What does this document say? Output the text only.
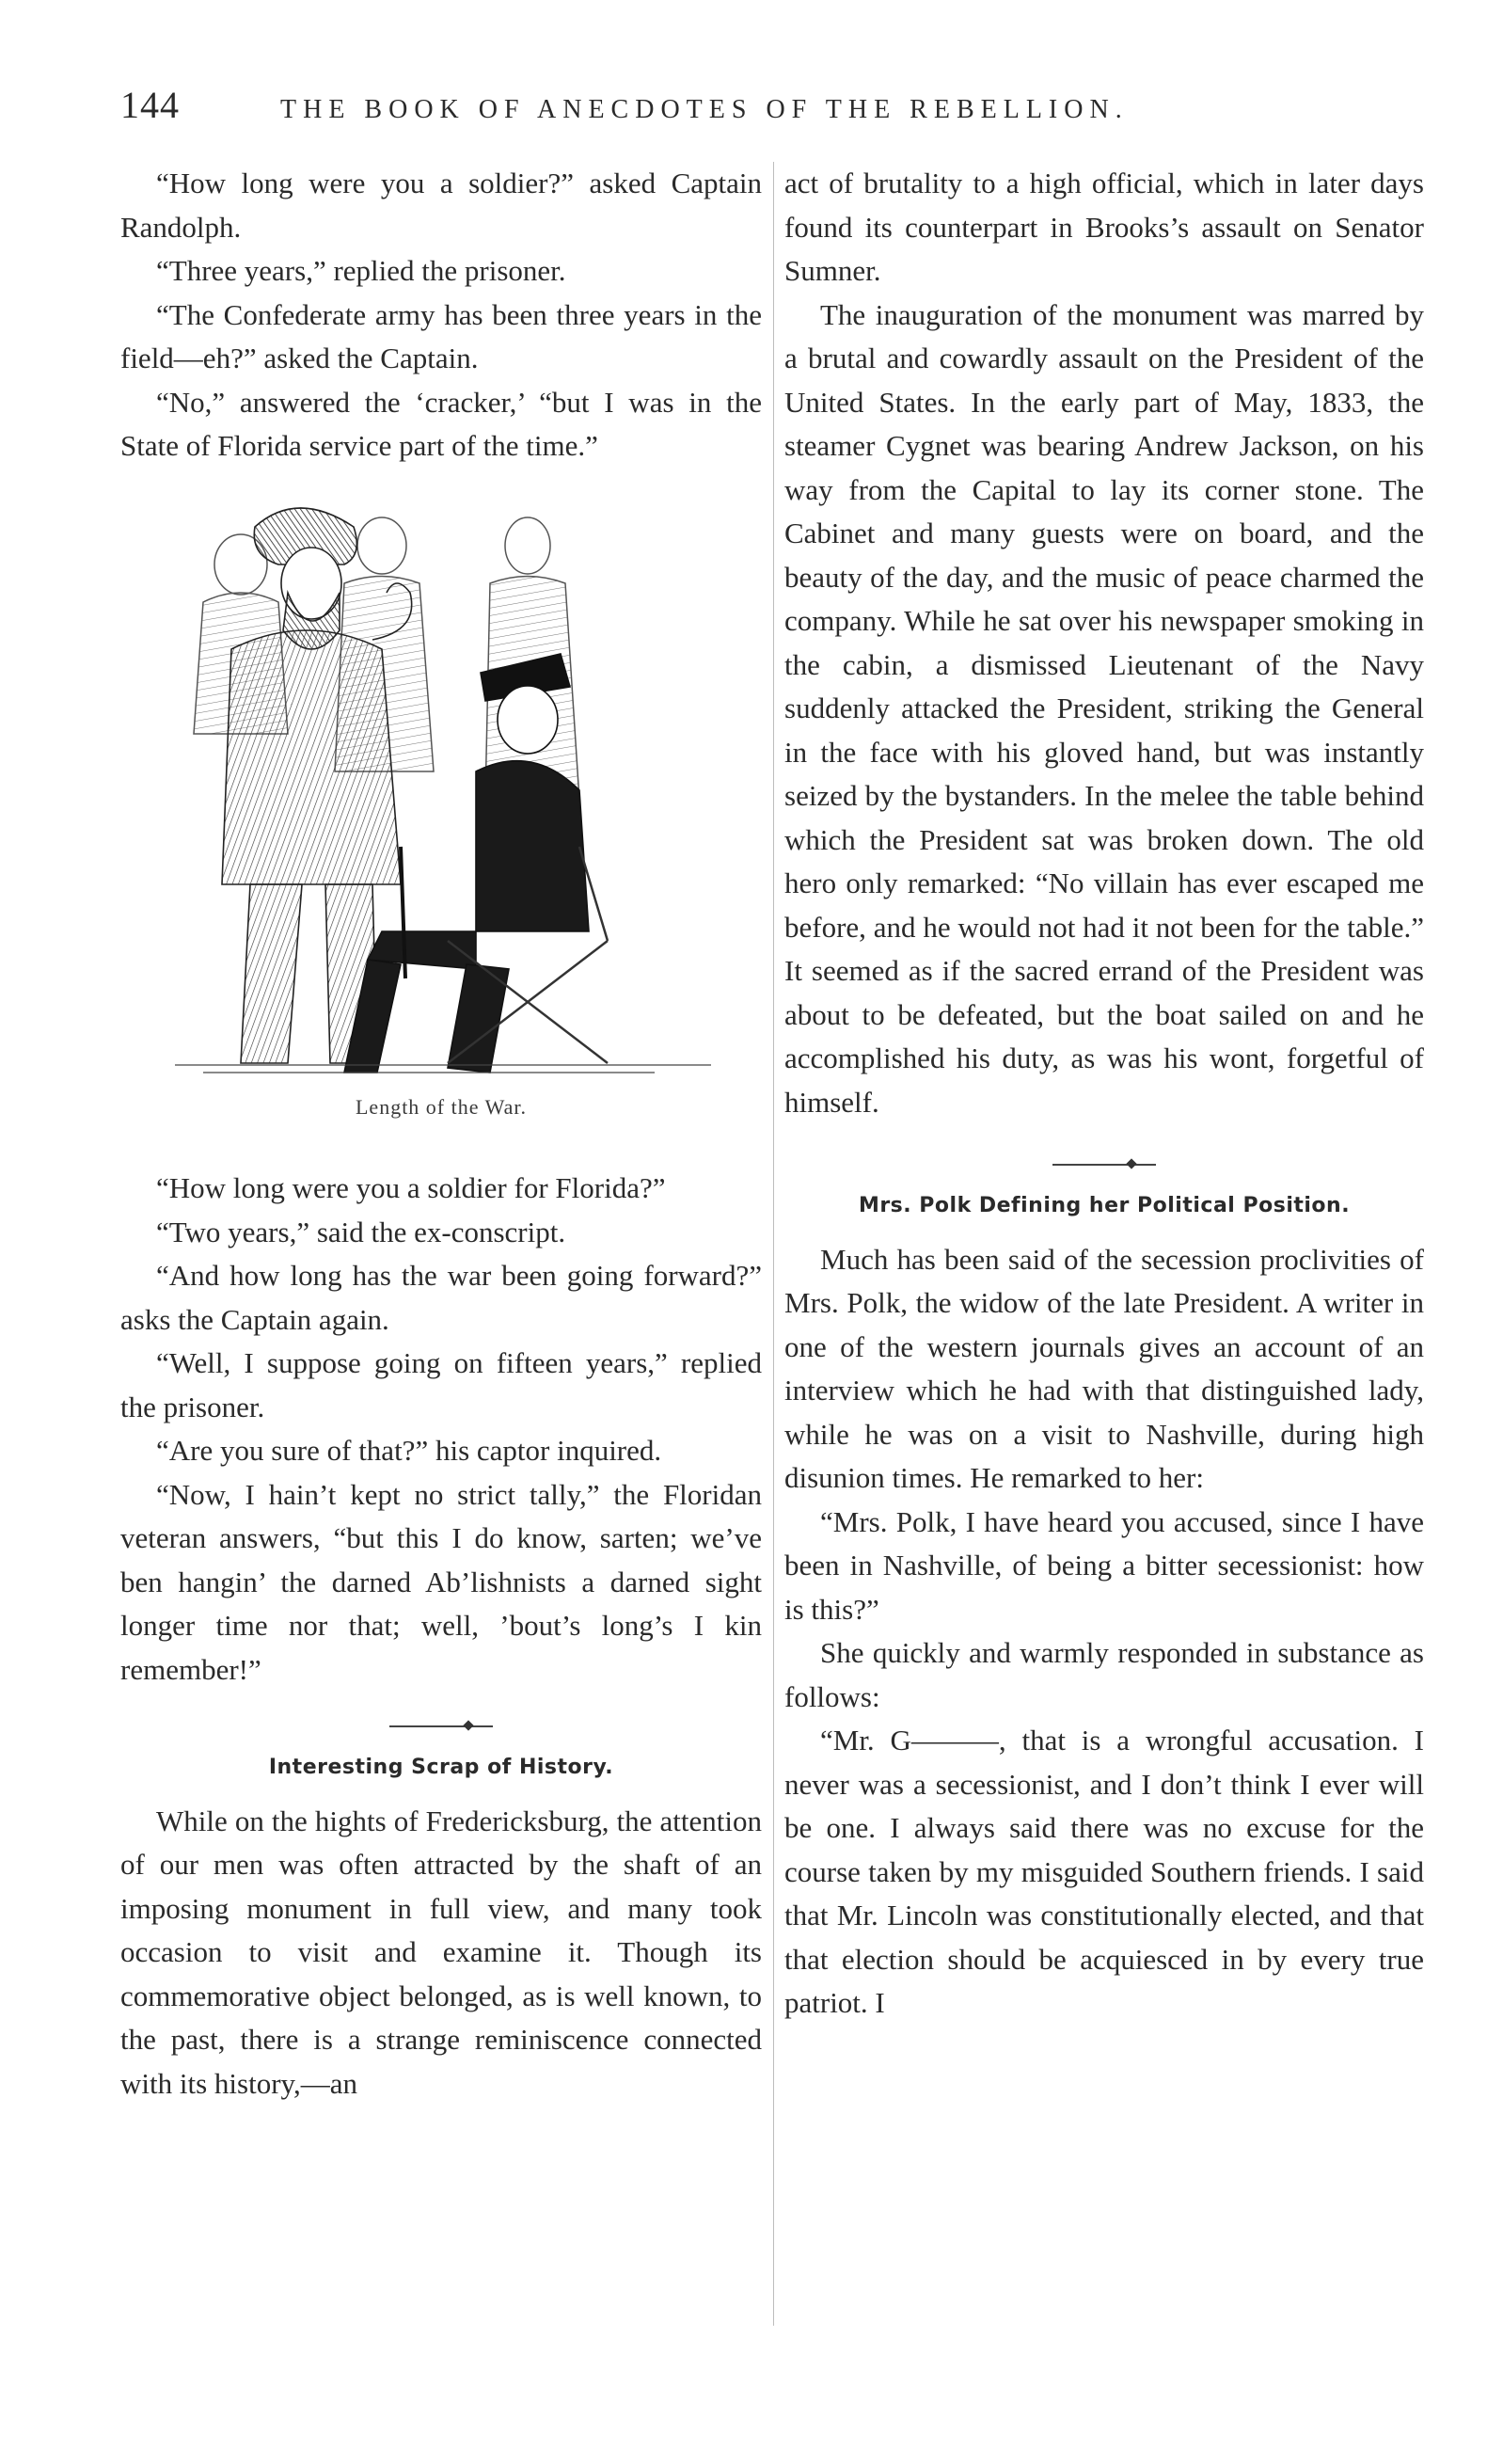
144	THE BOOK OF ANECDOTES OF THE REBELLION.

“How long were you a soldier?” asked Captain Randolph.

“Three years,” replied the prisoner.

“The Confederate army has been three years in the field—eh?” asked the Captain.

“No,” answered the ‘cracker,’ “but I was in the State of Florida service part of the time.”

Length of the War.

“How long were you a soldier for Florida?”

“Two years,” said the ex-conscript.

“And how long has the war been going forward?” asks the Captain again.

“Well, I suppose going on fifteen years,” replied the prisoner.

“Are you sure of that?” his captor inquired.

“Now, I hain’t kept no strict tally,” the Floridan veteran answers, “but this I do know, sarten; we’ve ben hangin’ the darned Ab’lishnists a darned sight longer time nor that; well, ’bout’s long’s I kin remember!”

Interesting Scrap of History.

While on the hights of Fredericksburg, the attention of our men was often attracted by the shaft of an imposing monument in full view, and many took occasion to visit and examine it. Though its commemorative object belonged, as is well known, to the past, there is a strange reminiscence connected with its history,—an

act of brutality to a high official, which in later days found its counterpart in Brooks’s assault on Senator Sumner.

The inauguration of the monument was marred by a brutal and cowardly assault on the President of the United States. In the early part of May, 1833, the steamer Cygnet was bearing Andrew Jackson, on his way from the Capital to lay its corner stone. The Cabinet and many guests were on board, and the beauty of the day, and the music of peace charmed the company. While he sat over his newspaper smoking in the cabin, a dismissed Lieutenant of the Navy suddenly attacked the President, striking the General in the face with his gloved hand, but was instantly seized by the bystanders. In the melee the table behind which the President sat was broken down. The old hero only remarked: “No villain has ever escaped me before, and he would not had it not been for the table.” It seemed as if the sacred errand of the President was about to be defeated, but the boat sailed on and he accomplished his duty, as was his wont, forgetful of himself.

Mrs. Polk Defining her Political Position.

Much has been said of the secession proclivities of Mrs. Polk, the widow of the late President. A writer in one of the western journals gives an account of an interview which he had with that distinguished lady, while he was on a visit to Nashville, during high disunion times. He remarked to her:

“Mrs. Polk, I have heard you accused, since I have been in Nashville, of being a bitter secessionist: how is this?”

She quickly and warmly responded in substance as follows:

“Mr. G———, that is a wrongful accusation. I never was a secessionist, and I don’t think I ever will be one. I always said there was no excuse for the course taken by my misguided Southern friends. I said that Mr. Lincoln was constitutionally elected, and that that election should be acquiesced in by every true patriot. I
